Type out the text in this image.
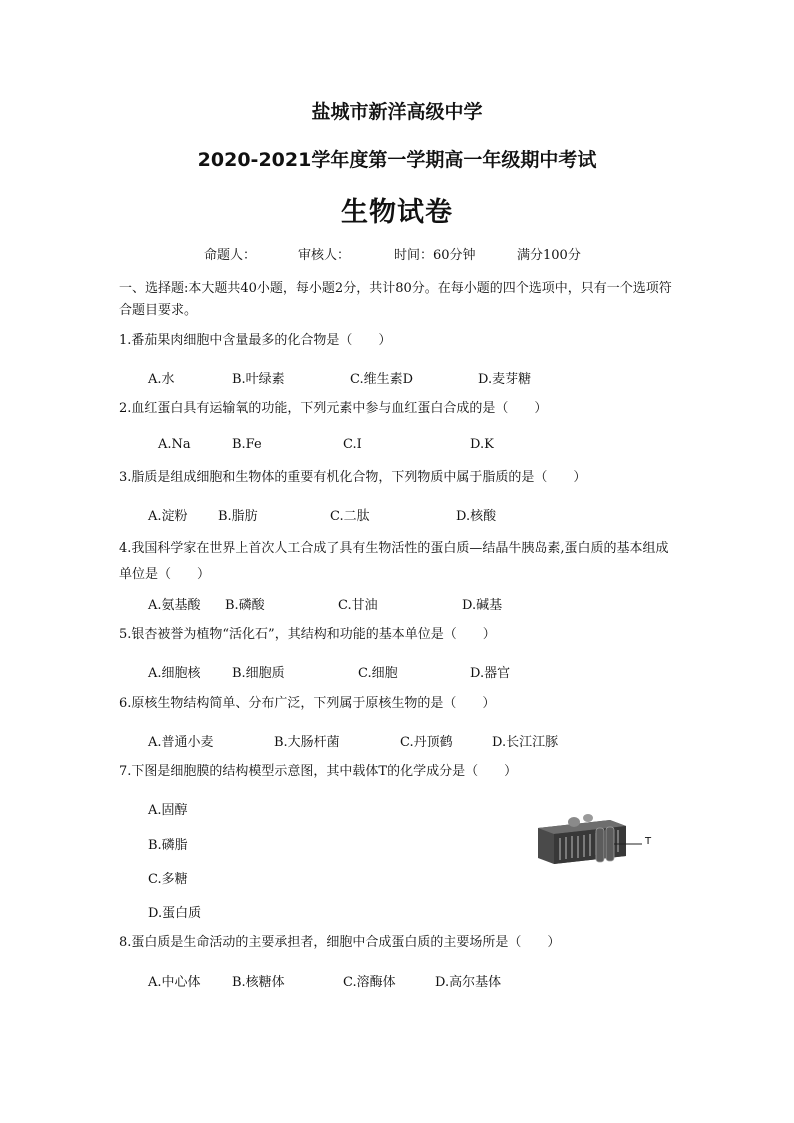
盐城市新洋高级中学
2020-2021学年度第一学期高一年级期中考试
生物试卷
命题人：	审核人：	时间：60分钟	满分100分
一、选择题:本大题共40小题，每小题2分，共计80分。在每小题的四个选项中，只有一个选项符合题目要求。
1.番茄果肉细胞中含量最多的化合物是（　　）
A.水	B.叶绿素	C.维生素D	D.麦芽糖
2.血红蛋白具有运输氧的功能，下列元素中参与血红蛋白合成的是（　　）
A.Na	B.Fe	C.I	D.K
3.脂质是组成细胞和生物体的重要有机化合物，下列物质中属于脂质的是（　　）
A.淀粉 B.脂肪	C.二肽	D.核酸
4.我国科学家在世界上首次人工合成了具有生物活性的蛋白质—结晶牛胰岛素,蛋白质的基本组成单位是（　　）
A.氨基酸 B.磷酸	C.甘油	D.碱基
5.银杏被誉为植物“活化石”，其结构和功能的基本单位是（　　）
A.细胞核 B.细胞质	C.细胞	D.器官
6.原核生物结构简单、分布广泛，下列属于原核生物的是（　　）
A.普通小麦	B.大肠杆菌	C.丹顶鹤	D.长江江豚
7.下图是细胞膜的结构模型示意图，其中载体T的化学成分是（　　）
A.固醇
B.磷脂
C.多糖
D.蛋白质
T
8.蛋白质是生命活动的主要承担者，细胞中合成蛋白质的主要场所是（　　）
A.中心体 B.核糖体	C.溶酶体	D.高尔基体
